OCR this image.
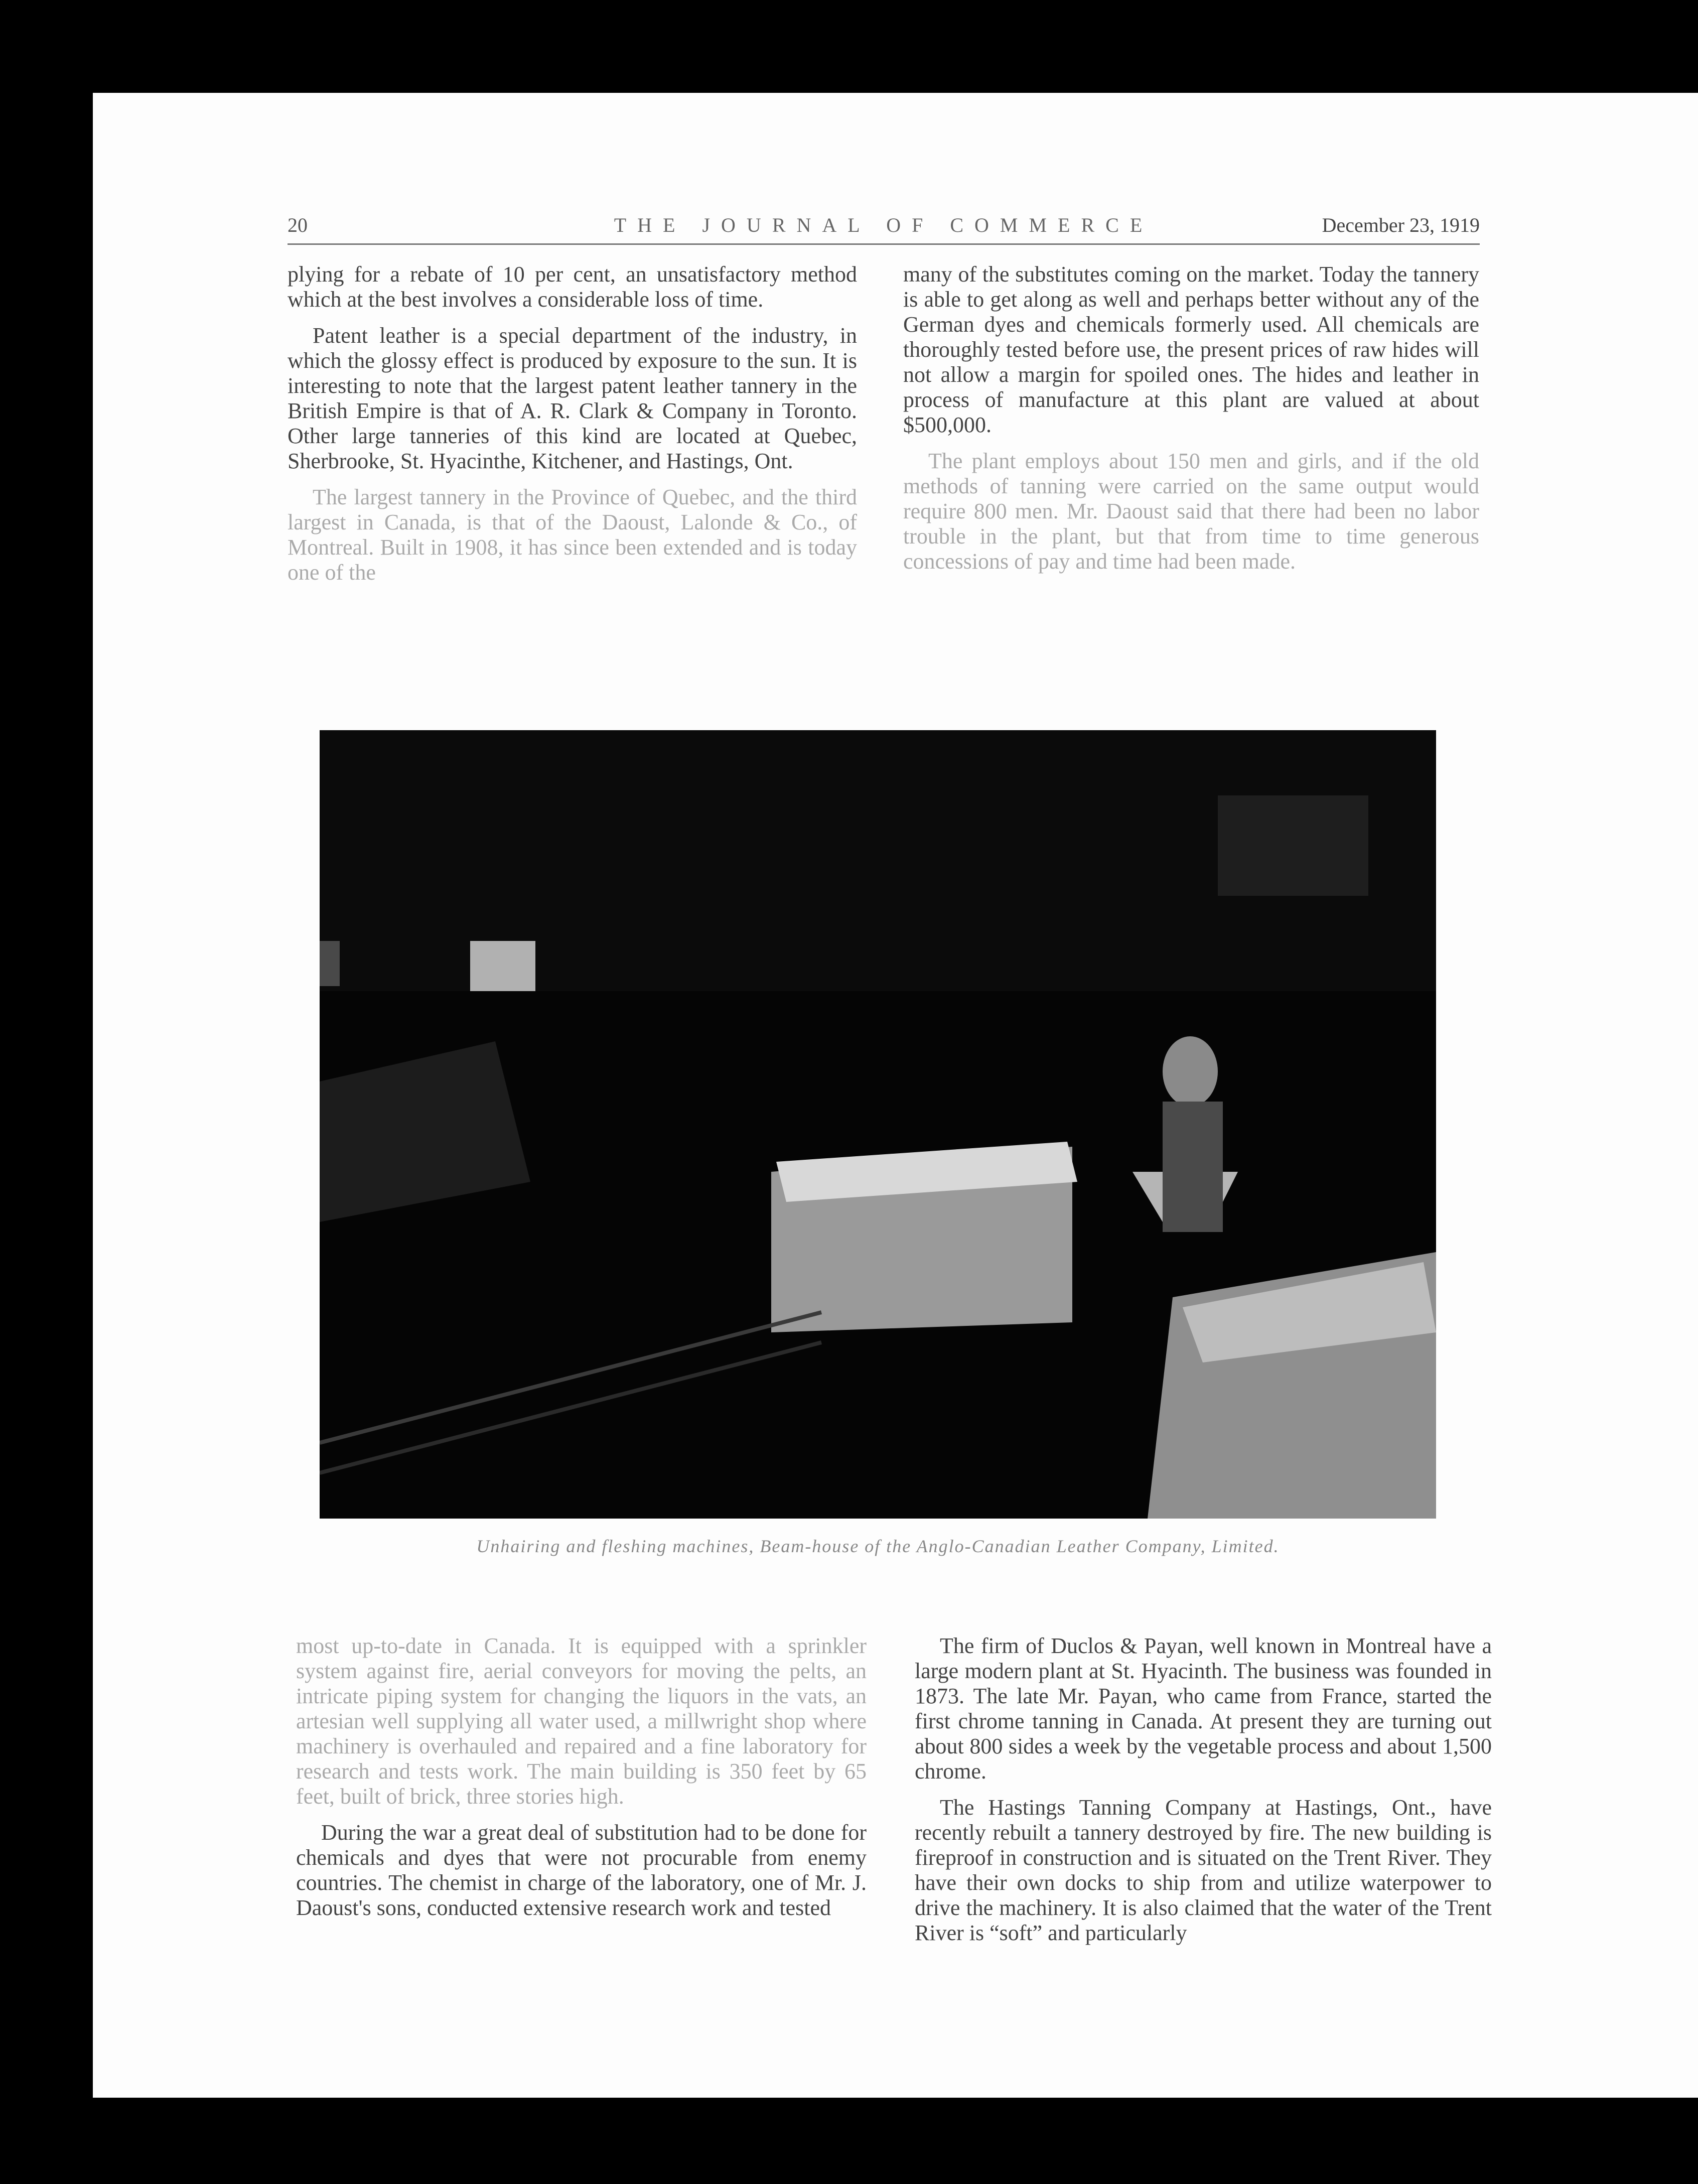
20	THE JOURNAL OF COMMERCE	December 23, 1919

plying for a rebate of 10 per cent, an unsatisfactory method which at the best involves a considerable loss of time.

Patent leather is a special department of the industry, in which the glossy effect is produced by exposure to the sun. It is interesting to note that the largest patent leather tannery in the British Empire is that of A. R. Clark & Company in Toronto. Other large tanneries of this kind are located at Quebec, Sherbrooke, St. Hyacinthe, Kitchener, and Hastings, Ont.

The largest tannery in the Province of Quebec, and the third largest in Canada, is that of the Daoust, Lalonde & Co., of Montreal. Built in 1908, it has since been extended and is today one of the

many of the substitutes coming on the market. Today the tannery is able to get along as well and perhaps better without any of the German dyes and chemicals formerly used. All chemicals are thoroughly tested before use, the present prices of raw hides will not allow a margin for spoiled ones. The hides and leather in process of manufacture at this plant are valued at about $500,000.

The plant employs about 150 men and girls, and if the old methods of tanning were carried on the same output would require 800 men. Mr. Daoust said that there had been no labor trouble in the plant, but that from time to time generous concessions of pay and time had been made.

Unhairing and fleshing machines, Beam-house of the Anglo-Canadian Leather Company, Limited.

most up-to-date in Canada. It is equipped with a sprinkler system against fire, aerial conveyors for moving the pelts, an intricate piping system for changing the liquors in the vats, an artesian well supplying all water used, a millwright shop where machinery is overhauled and repaired and a fine laboratory for research and tests work. The main building is 350 feet by 65 feet, built of brick, three stories high.

During the war a great deal of substitution had to be done for chemicals and dyes that were not procurable from enemy countries. The chemist in charge of the laboratory, one of Mr. J. Daoust's sons, conducted extensive research work and tested

The firm of Duclos & Payan, well known in Montreal have a large modern plant at St. Hyacinth. The business was founded in 1873. The late Mr. Payan, who came from France, started the first chrome tanning in Canada. At present they are turning out about 800 sides a week by the vegetable process and about 1,500 chrome.

The Hastings Tanning Company at Hastings, Ont., have recently rebuilt a tannery destroyed by fire. The new building is fireproof in construction and is situated on the Trent River. They have their own docks to ship from and utilize waterpower to drive the machinery. It is also claimed that the water of the Trent River is “soft” and particularly
